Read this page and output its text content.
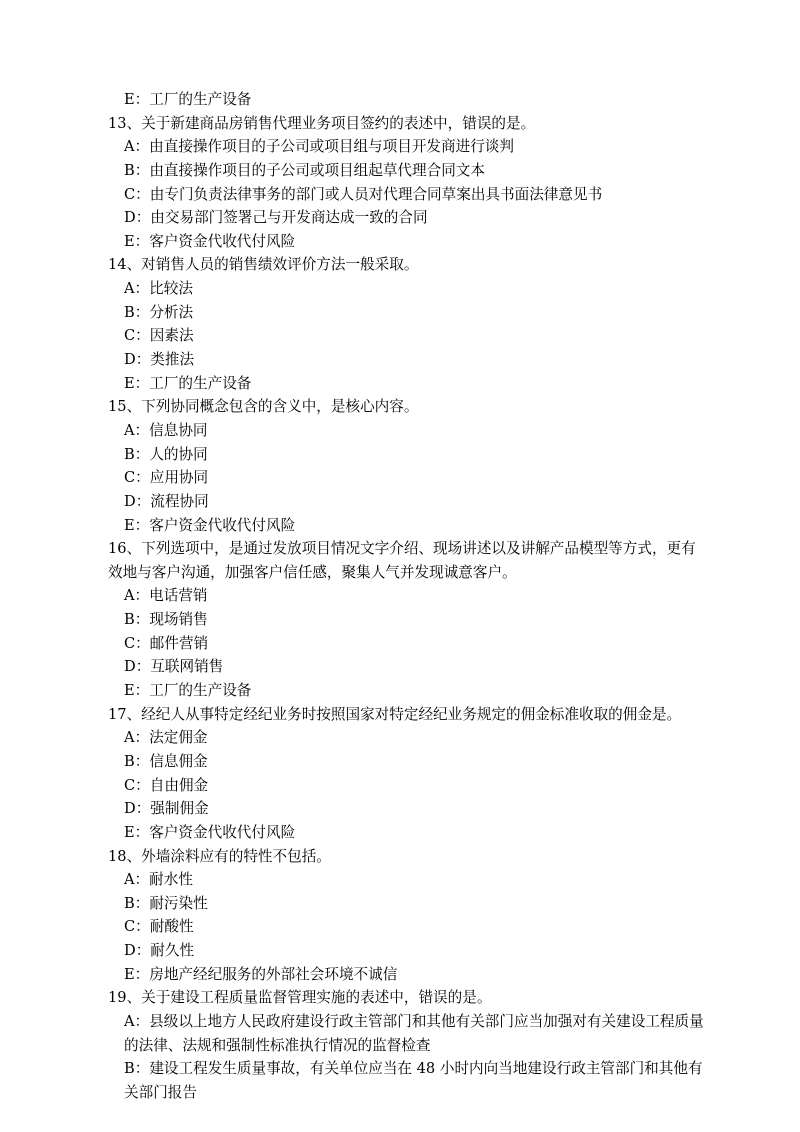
E：工厂的生产设备
13、关于新建商品房销售代理业务项目签约的表述中，错误的是。
A：由直接操作项目的子公司或项目组与项目开发商进行谈判
B：由直接操作项目的子公司或项目组起草代理合同文本
C：由专门负责法律事务的部门或人员对代理合同草案出具书面法律意见书
D：由交易部门签署己与开发商达成一致的合同
E：客户资金代收代付风险
14、对销售人员的销售绩效评价方法一般采取。
A：比较法
B：分析法
C：因素法
D：类推法
E：工厂的生产设备
15、下列协同概念包含的含义中，是核心内容。
A：信息协同
B：人的协同
C：应用协同
D：流程协同
E：客户资金代收代付风险
16、下列选项中，是通过发放项目情况文字介绍、现场讲述以及讲解产品模型等方式，更有效地与客户沟通，加强客户信任感，聚集人气并发现诚意客户。
A：电话营销
B：现场销售
C：邮件营销
D：互联网销售
E：工厂的生产设备
17、经纪人从事特定经纪业务时按照国家对特定经纪业务规定的佣金标准收取的佣金是。
A：法定佣金
B：信息佣金
C：自由佣金
D：强制佣金
E：客户资金代收代付风险
18、外墙涂料应有的特性不包括。
A：耐水性
B：耐污染性
C：耐酸性
D：耐久性
E：房地产经纪服务的外部社会环境不诚信
19、关于建设工程质量监督管理实施的表述中，错误的是。
A：县级以上地方人民政府建设行政主管部门和其他有关部门应当加强对有关建设工程质量的法律、法规和强制性标准执行情况的监督检查
B：建设工程发生质量事故，有关单位应当在 48 小时内向当地建设行政主管部门和其他有关部门报告
